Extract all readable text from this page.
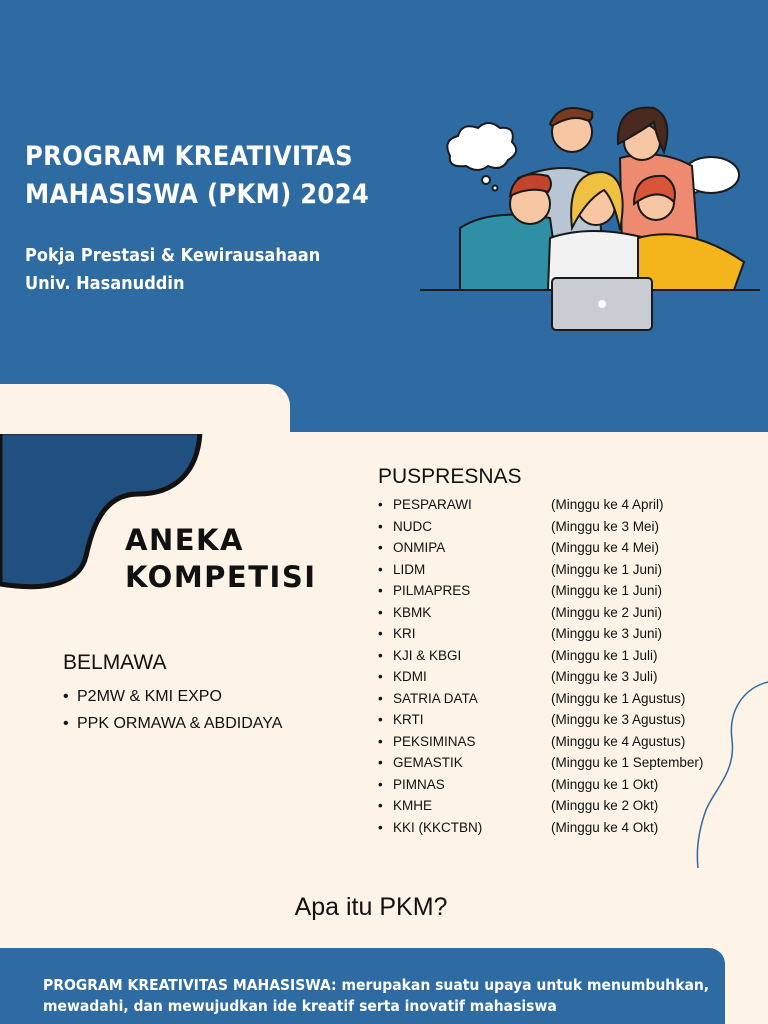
PROGRAM KREATIVITAS MAHASISWA (PKM) 2024
Pokja Prestasi & Kewirausahaan
Univ. Hasanuddin
ANEKA
KOMPETISI
BELMAWA
• P2MW & KMI EXPO
• PPK ORMAWA & ABDIDAYA
PUSPRESNAS
• PESPARAWI	(Minggu ke 4 April)
• NUDC	(Minggu ke 3 Mei)
• ONMIPA	(Minggu ke 4 Mei)
• LIDM	(Minggu ke 1 Juni)
• PILMAPRES	(Minggu ke 1 Juni)
• KBMK	(Minggu ke 2 Juni)
• KRI	(Minggu ke 3 Juni)
• KJI & KBGI	(Minggu ke 1 Juli)
• KDMI	(Minggu ke 3 Juli)
• SATRIA DATA	(Minggu ke 1 Agustus)
• KRTI	(Minggu ke 3 Agustus)
• PEKSIMINAS	(Minggu ke 4 Agustus)
• GEMASTIK	(Minggu ke 1 September)
• PIMNAS	(Minggu ke 1 Okt)
• KMHE	(Minggu ke 2 Okt)
• KKI (KKCTBN)	(Minggu ke 4 Okt)
Apa itu PKM?
PROGRAM KREATIVITAS MAHASISWA: merupakan suatu upaya untuk menumbuhkan, mewadahi, dan mewujudkan ide kreatif serta inovatif mahasiswa
